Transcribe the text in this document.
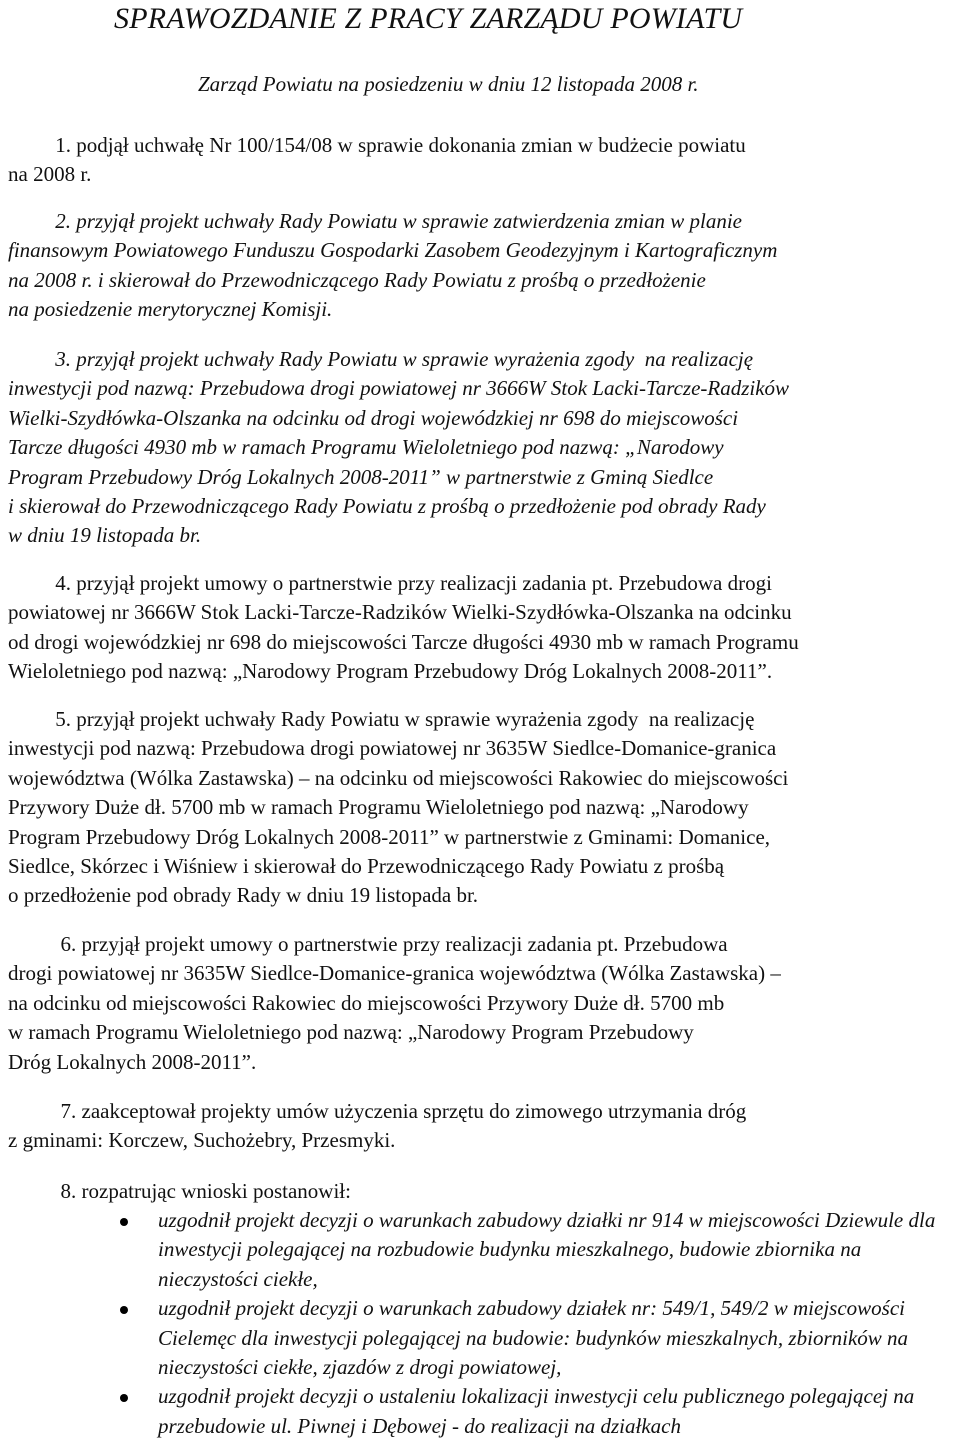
SPRAWOZDANIE Z PRACY ZARZĄDU POWIATU
Zarząd Powiatu na posiedzeniu w dniu 12 listopada 2008 r.
1. podjął uchwałę Nr 100/154/08 w sprawie dokonania zmian w budżecie powiatu
na 2008 r.
2. przyjął projekt uchwały Rady Powiatu w sprawie zatwierdzenia zmian w planie
finansowym Powiatowego Funduszu Gospodarki Zasobem Geodezyjnym i Kartograficznym
na 2008 r. i skierował do Przewodniczącego Rady Powiatu z prośbą o przedłożenie
na posiedzenie merytorycznej Komisji.
3. przyjął projekt uchwały Rady Powiatu w sprawie wyrażenia zgody  na realizację
inwestycji pod nazwą: Przebudowa drogi powiatowej nr 3666W Stok Lacki-Tarcze-Radzików
Wielki-Szydłówka-Olszanka na odcinku od drogi wojewódzkiej nr 698 do miejscowości
Tarcze długości 4930 mb w ramach Programu Wieloletniego pod nazwą: „Narodowy
Program Przebudowy Dróg Lokalnych 2008-2011” w partnerstwie z Gminą Siedlce
i skierował do Przewodniczącego Rady Powiatu z prośbą o przedłożenie pod obrady Rady
w dniu 19 listopada br.
4. przyjął projekt umowy o partnerstwie przy realizacji zadania pt. Przebudowa drogi
powiatowej nr 3666W Stok Lacki-Tarcze-Radzików Wielki-Szydłówka-Olszanka na odcinku
od drogi wojewódzkiej nr 698 do miejscowości Tarcze długości 4930 mb w ramach Programu
Wieloletniego pod nazwą: „Narodowy Program Przebudowy Dróg Lokalnych 2008-2011”.
5. przyjął projekt uchwały Rady Powiatu w sprawie wyrażenia zgody  na realizację
inwestycji pod nazwą: Przebudowa drogi powiatowej nr 3635W Siedlce-Domanice-granica
województwa (Wólka Zastawska) – na odcinku od miejscowości Rakowiec do miejscowości
Przywory Duże dł. 5700 mb w ramach Programu Wieloletniego pod nazwą: „Narodowy
Program Przebudowy Dróg Lokalnych 2008-2011” w partnerstwie z Gminami: Domanice,
Siedlce, Skórzec i Wiśniew i skierował do Przewodniczącego Rady Powiatu z prośbą
o przedłożenie pod obrady Rady w dniu 19 listopada br.
6. przyjął projekt umowy o partnerstwie przy realizacji zadania pt. Przebudowa
drogi powiatowej nr 3635W Siedlce-Domanice-granica województwa (Wólka Zastawska) –
na odcinku od miejscowości Rakowiec do miejscowości Przywory Duże dł. 5700 mb
w ramach Programu Wieloletniego pod nazwą: „Narodowy Program Przebudowy
Dróg Lokalnych 2008-2011”.
7. zaakceptował projekty umów użyczenia sprzętu do zimowego utrzymania dróg
z gminami: Korczew, Suchożebry, Przesmyki.
8. rozpatrując wnioski postanowił:
uzgodnił projekt decyzji o warunkach zabudowy działki nr 914 w miejscowości Dziewule dla inwestycji polegającej na rozbudowie budynku mieszkalnego, budowie zbiornika na nieczystości ciekłe,
uzgodnił projekt decyzji o warunkach zabudowy działek nr: 549/1, 549/2 w miejscowości Cielemęc dla inwestycji polegającej na budowie: budynków mieszkalnych, zbiorników na nieczystości ciekłe, zjazdów z drogi powiatowej,
uzgodnił projekt decyzji o ustaleniu lokalizacji inwestycji celu publicznego polegającej na przebudowie ul. Piwnej i Dębowej - do realizacji na działkach
